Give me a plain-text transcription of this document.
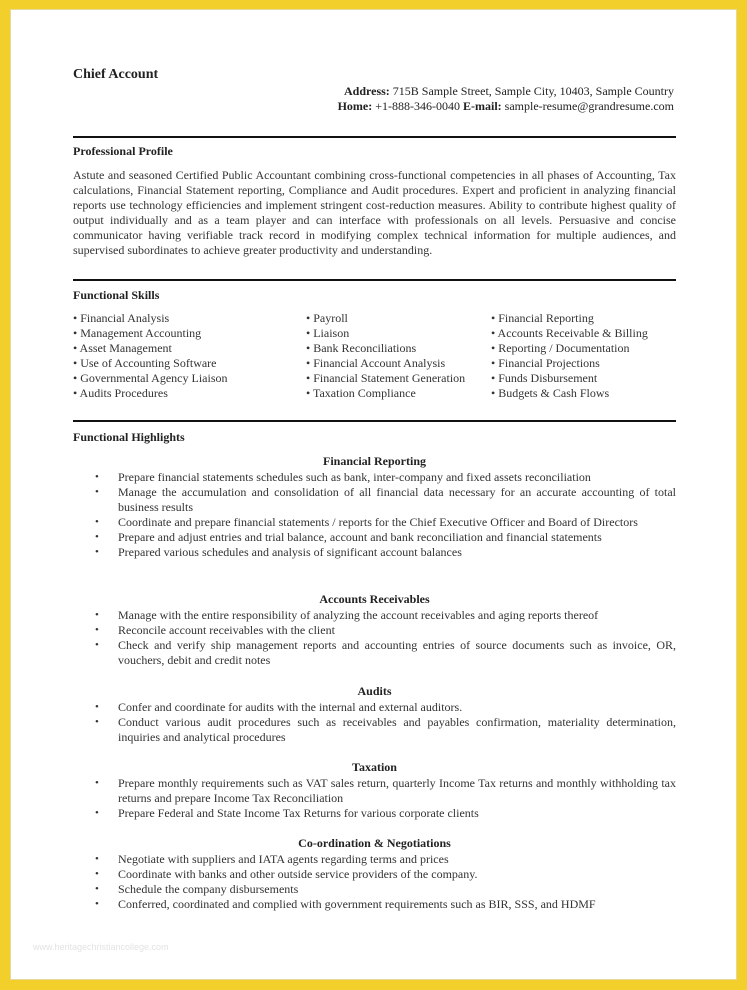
Chief Account
Address: 715B Sample Street, Sample City, 10403, Sample Country
Home: +1-888-346-0040 E-mail: sample-resume@grandresume.com
Professional Profile
Astute and seasoned Certified Public Accountant combining cross-functional competencies in all phases of Accounting, Tax calculations, Financial Statement reporting, Compliance and Audit procedures. Expert and proficient in analyzing financial reports use technology efficiencies and implement stringent cost-reduction measures. Ability to contribute highest quality of output individually and as a team player and can interface with professionals on all levels. Persuasive and concise communicator having verifiable track record in modifying complex technical information for multiple audiences, and supervised subordinates to achieve greater productivity and understanding.
Functional Skills
• Financial Analysis
• Management Accounting
• Asset Management
• Use of Accounting Software
• Governmental Agency Liaison
• Audits Procedures
• Payroll
• Liaison
• Bank Reconciliations
• Financial Account Analysis
• Financial Statement Generation
• Taxation Compliance
• Financial Reporting
• Accounts Receivable & Billing
• Reporting / Documentation
• Financial Projections
• Funds Disbursement
• Budgets & Cash Flows
Functional Highlights
Financial Reporting
• Prepare financial statements schedules such as bank, inter-company and fixed assets reconciliation
• Manage the accumulation and consolidation of all financial data necessary for an accurate accounting of total business results
• Coordinate and prepare financial statements / reports for the Chief Executive Officer and Board of Directors
• Prepare and adjust entries and trial balance, account and bank reconciliation and financial statements
• Prepared various schedules and analysis of significant account balances
Accounts Receivables
• Manage with the entire responsibility of analyzing the account receivables and aging reports thereof
• Reconcile account receivables with the client
• Check and verify ship management reports and accounting entries of source documents such as invoice, OR, vouchers, debit and credit notes
Audits
• Confer and coordinate for audits with the internal and external auditors.
• Conduct various audit procedures such as receivables and payables confirmation, materiality determination, inquiries and analytical procedures
Taxation
• Prepare monthly requirements such as VAT sales return, quarterly Income Tax returns and monthly withholding tax returns and prepare Income Tax Reconciliation
• Prepare Federal and State Income Tax Returns for various corporate clients
Co-ordination & Negotiations
• Negotiate with suppliers and IATA agents regarding terms and prices
• Coordinate with banks and other outside service providers of the company.
• Schedule the company disbursements
• Conferred, coordinated and complied with government requirements such as BIR, SSS, and HDMF
www.heritagechristiancollege.com
